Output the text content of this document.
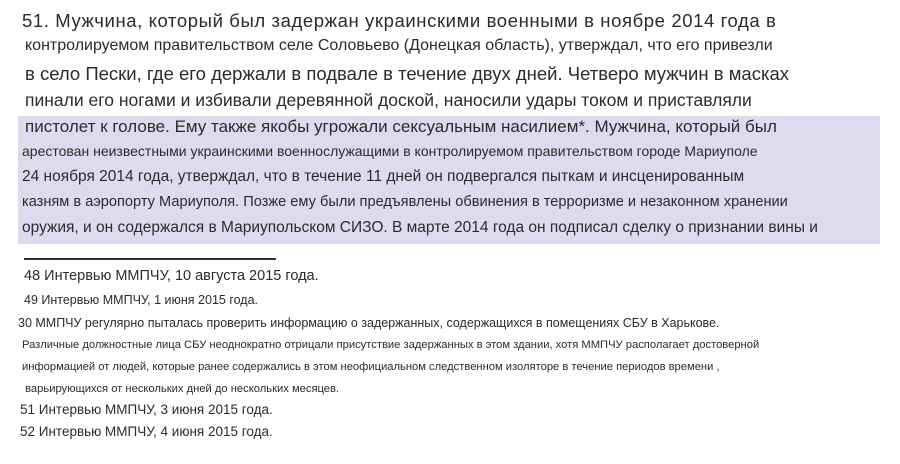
51. Мужчина, который был задержан украинскими военными в ноябре 2014 года в
контролируемом правительством селе Соловьево (Донецкая область), утверждал, что его привезли
в село Пески, где его держали в подвале в течение двух дней. Четверо мужчин в масках
пинали его ногами и избивали деревянной доской, наносили удары током и приставляли
пистолет к голове. Ему также якобы угрожали сексуальным насилием*. Мужчина, который был
арестован неизвестными украинскими военнослужащими в контролируемом правительством городе Мариуполе
24 ноября 2014 года, утверждал, что в течение 11 дней он подвергался пыткам и инсценированным
казням в аэропорту Мариуполя. Позже ему были предъявлены обвинения в терроризме и незаконном хранении
оружия, и он содержался в Мариупольском СИЗО. В марте 2014 года он подписал сделку о признании вины и
48 Интервью ММПЧУ, 10 августа 2015 года.
49 Интервью ММПЧУ, 1 июня 2015 года.
30 ММПЧУ регулярно пыталась проверить информацию о задержанных, содержащихся в помещениях СБУ в Харькове.
Различные должностные лица СБУ неоднократно отрицали присутствие задержанных в этом здании, хотя ММПЧУ располагает достоверной
информацией от людей, которые ранее содержались в этом неофициальном следственном изоляторе в течение периодов времени ,
варьирующихся от нескольких дней до нескольких месяцев.
51 Интервью ММПЧУ, 3 июня 2015 года.
52 Интервью ММПЧУ, 4 июня 2015 года.
